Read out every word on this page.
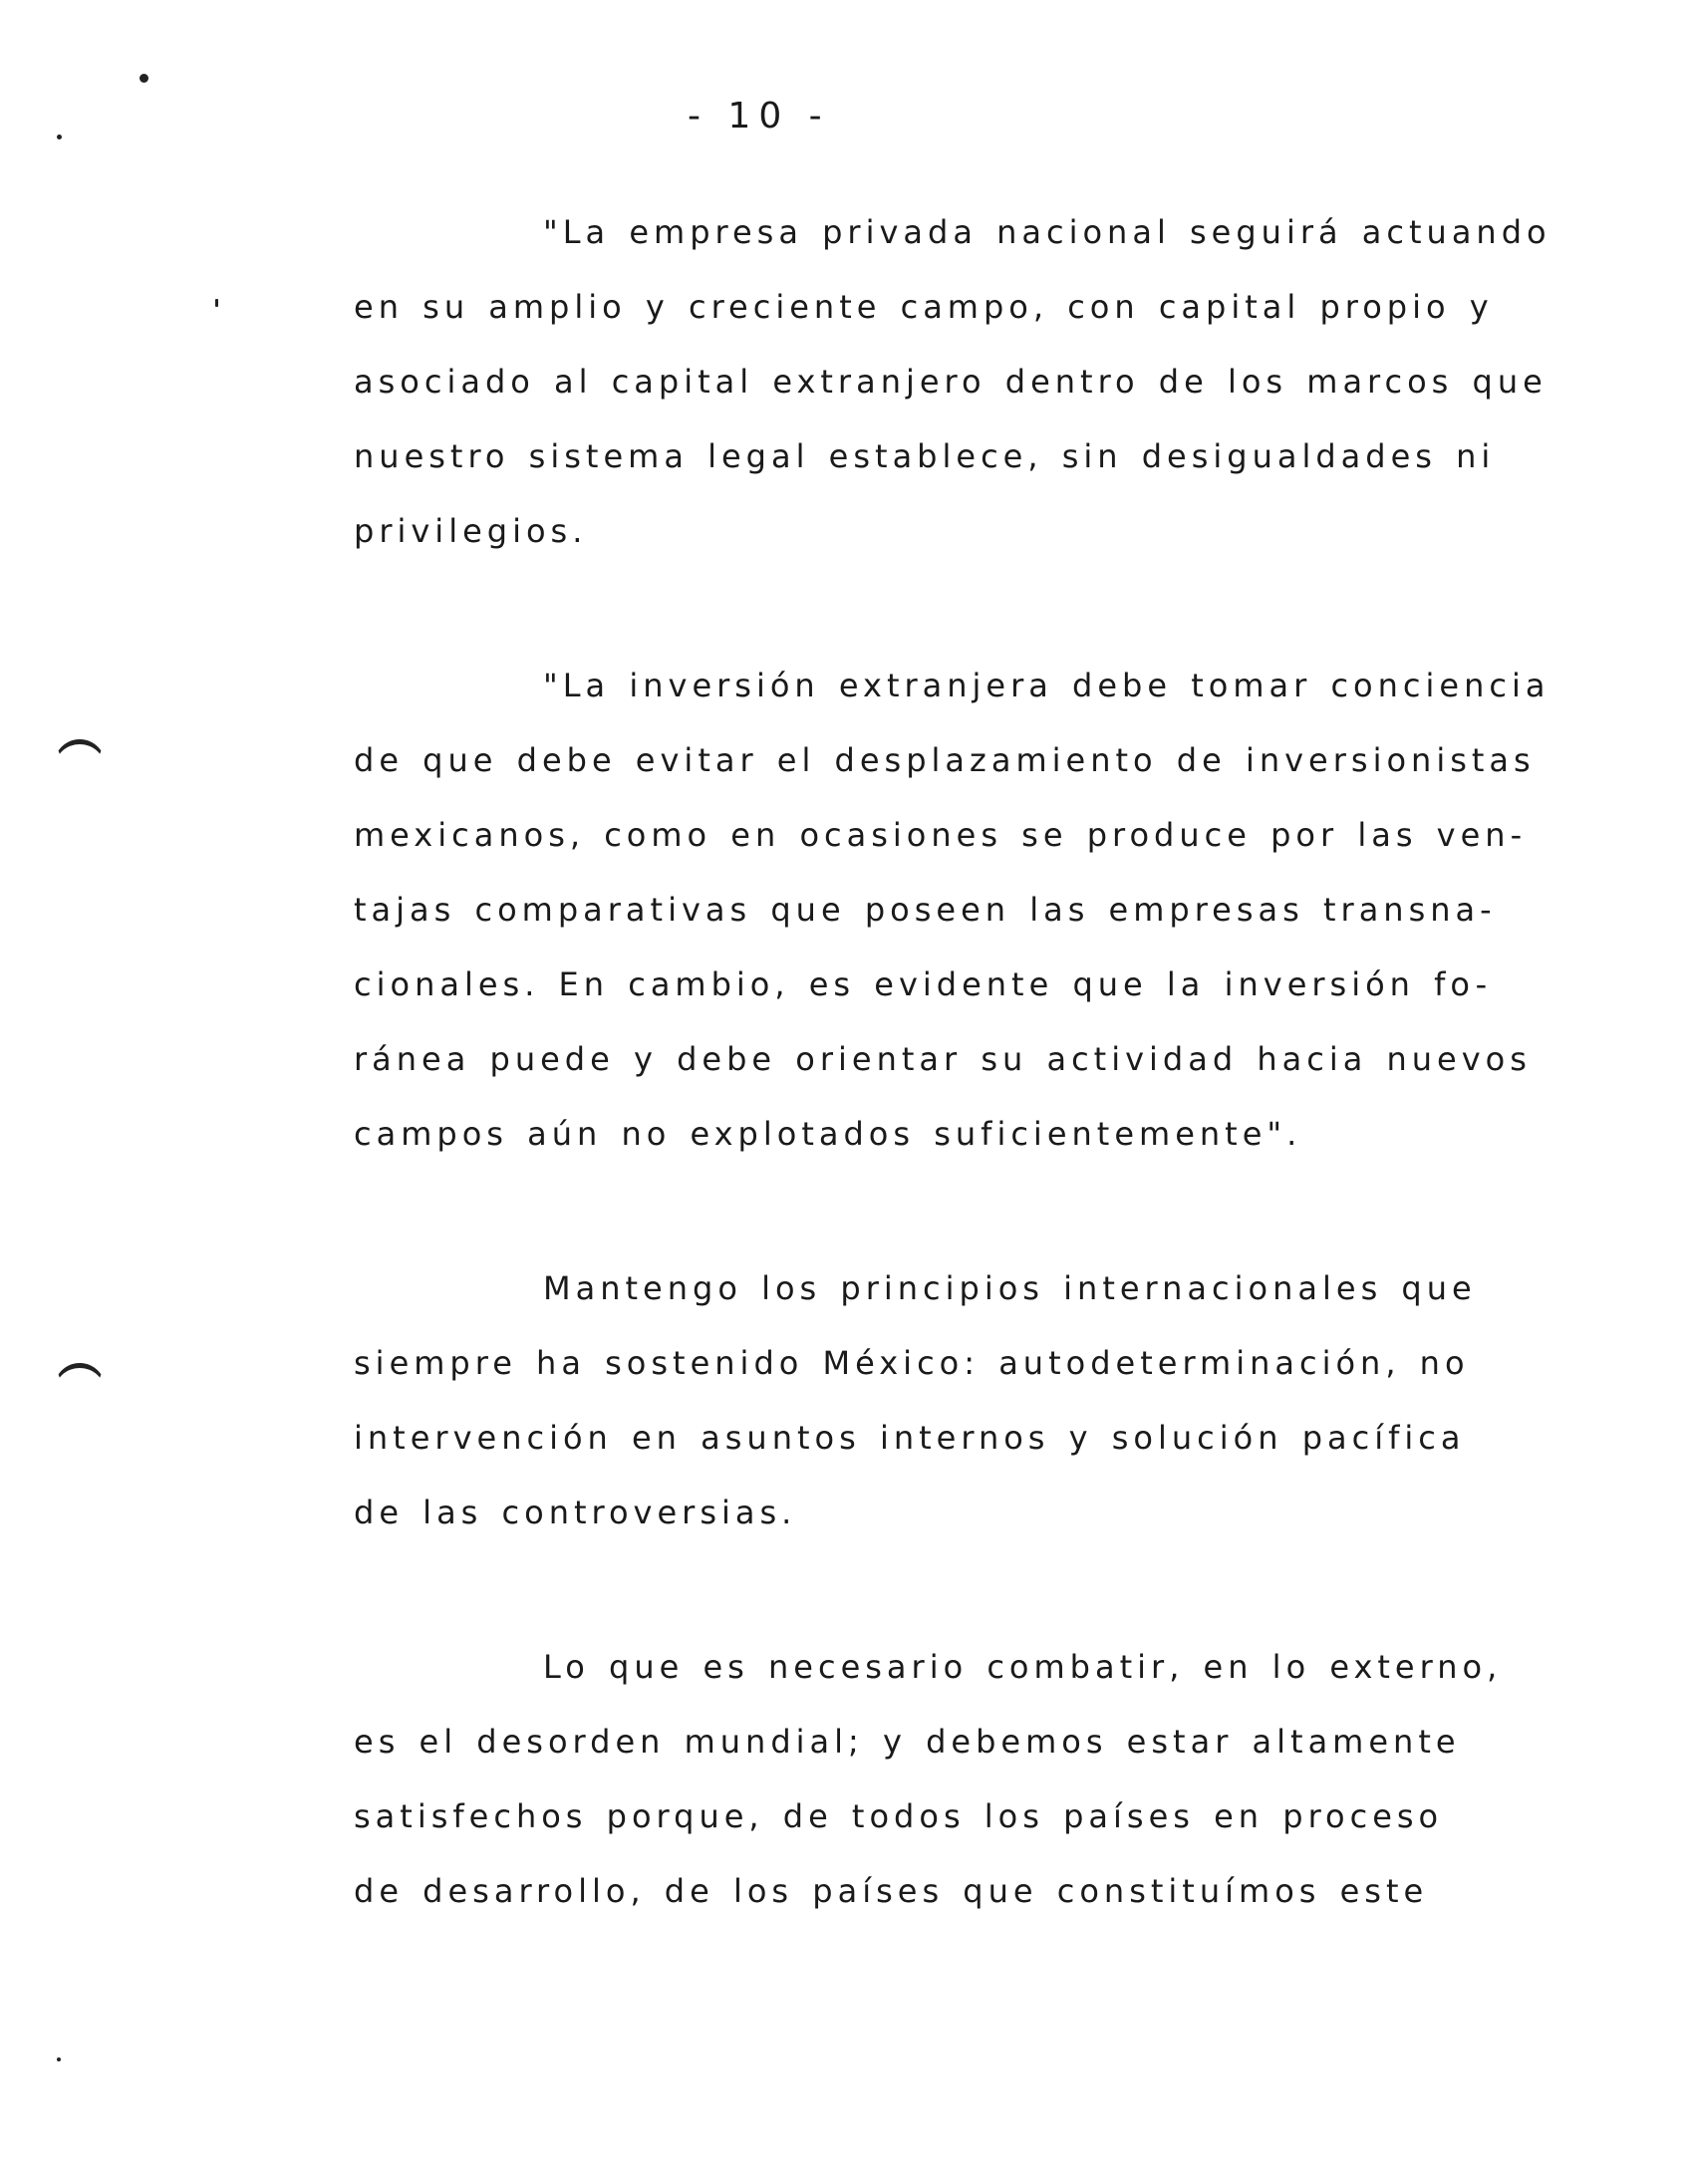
- 10 -
"La empresa privada nacional seguirá actuando
en su amplio y creciente campo, con capital propio y
asociado al capital extranjero dentro de los marcos que
nuestro sistema legal establece, sin desigualdades ni
privilegios.
"La inversión extranjera debe tomar conciencia
de que debe evitar el desplazamiento de inversionistas
mexicanos, como en ocasiones se produce por las ven-
tajas comparativas que poseen las empresas transna-
cionales. En cambio, es evidente que la inversión fo-
ránea puede y debe orientar su actividad hacia nuevos
campos aún no explotados suficientemente".
Mantengo los principios internacionales que
siempre ha sostenido México: autodeterminación, no
intervención en asuntos internos y solución pacífica
de las controversias.
Lo que es necesario combatir, en lo externo,
es el desorden mundial; y debemos estar altamente
satisfechos porque, de todos los países en proceso
de desarrollo, de los países que constituímos este
